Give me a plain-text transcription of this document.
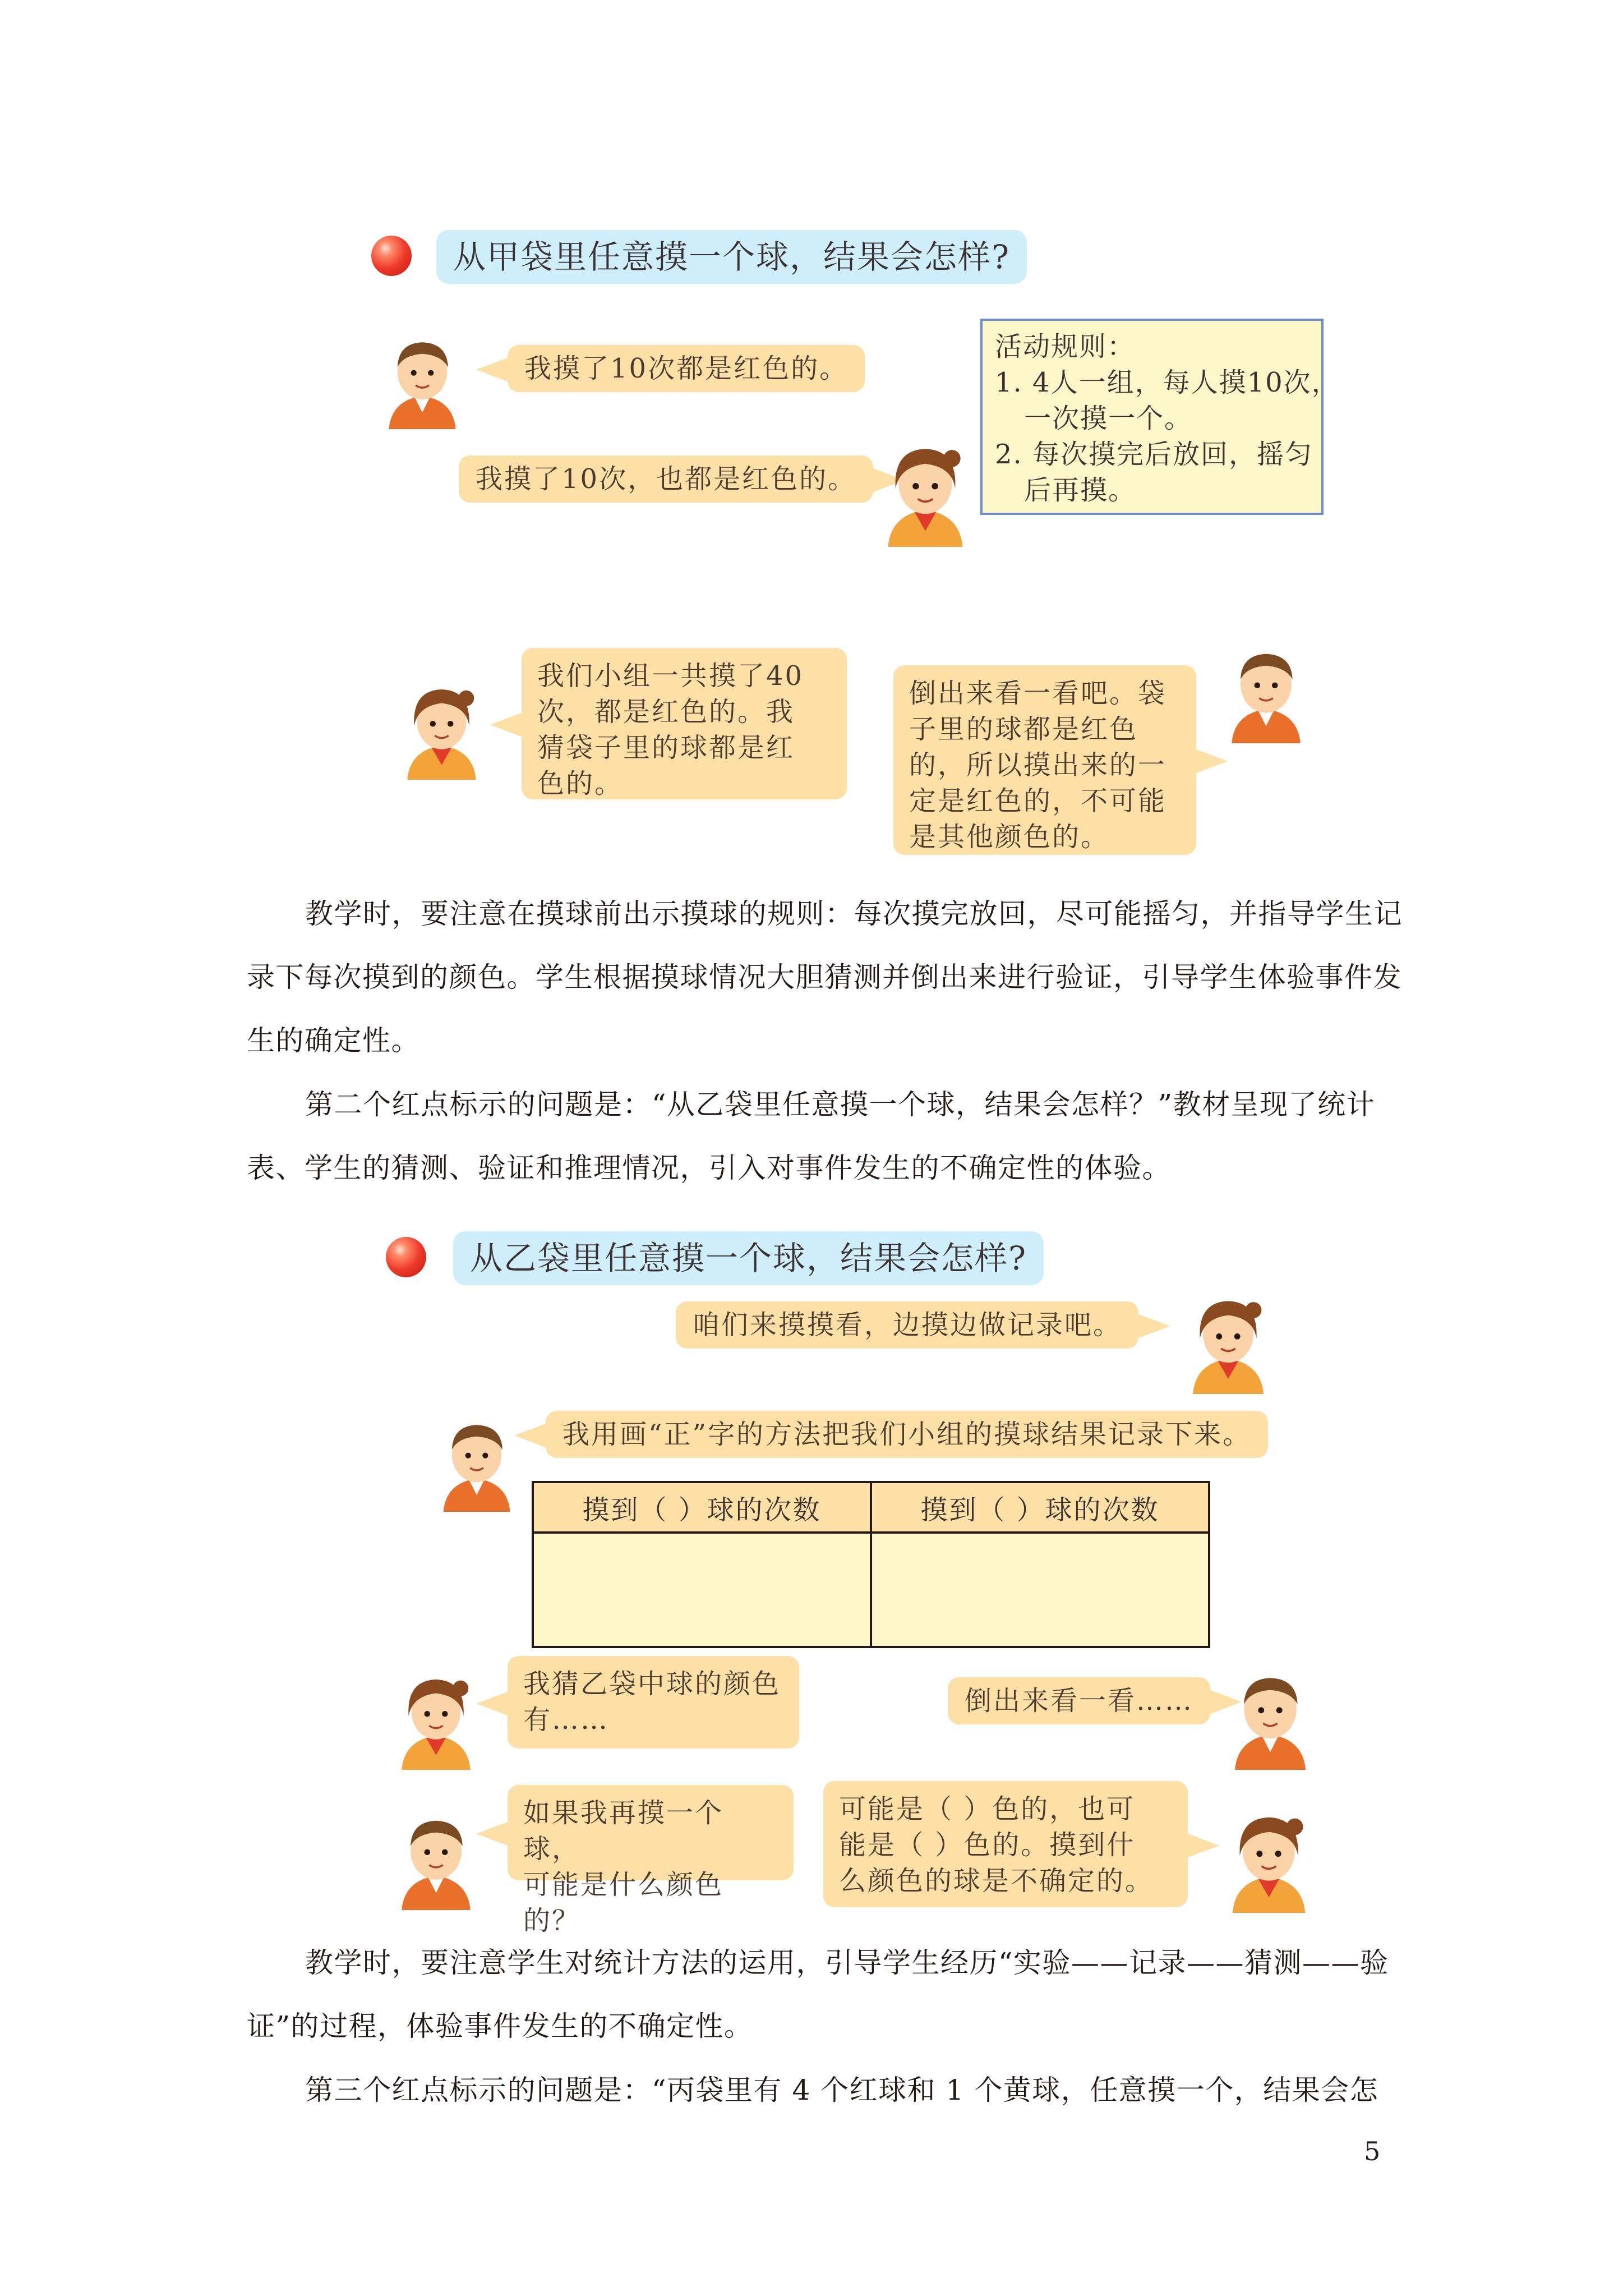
从甲袋里任意摸一个球，结果会怎样?
我摸了10次都是红色的。
我摸了10次，也都是红色的。
活动规则：
1. 4人一组，每人摸10次，
一次摸一个。
2. 每次摸完后放回，摇匀
后再摸。
我们小组一共摸了40
次，都是红色的。我
猜袋子里的球都是红
色的。
倒出来看一看吧。袋
子里的球都是红色
的，所以摸出来的一
定是红色的，不可能
是其他颜色的。
教学时，要注意在摸球前出示摸球的规则：每次摸完放回，尽可能摇匀，并指导学生记
录下每次摸到的颜色。学生根据摸球情况大胆猜测并倒出来进行验证，引导学生体验事件发
生的确定性。
第二个红点标示的问题是：“从乙袋里任意摸一个球，结果会怎样？”教材呈现了统计
表、学生的猜测、验证和推理情况，引入对事件发生的不确定性的体验。
从乙袋里任意摸一个球，结果会怎样?
咱们来摸摸看，边摸边做记录吧。
我用画“正”字的方法把我们小组的摸球结果记录下来。
摸到（ ）球的次数	摸到（ ）球的次数

我猜乙袋中球的颜色
有……
倒出来看一看……
如果我再摸一个球，
可能是什么颜色的？
可能是（ ）色的，也可
能是（ ）色的。摸到什
么颜色的球是不确定的。
教学时，要注意学生对统计方法的运用，引导学生经历“实验——记录——猜测——验
证”的过程，体验事件发生的不确定性。
第三个红点标示的问题是：“丙袋里有 4 个红球和 1 个黄球，任意摸一个，结果会怎
5
